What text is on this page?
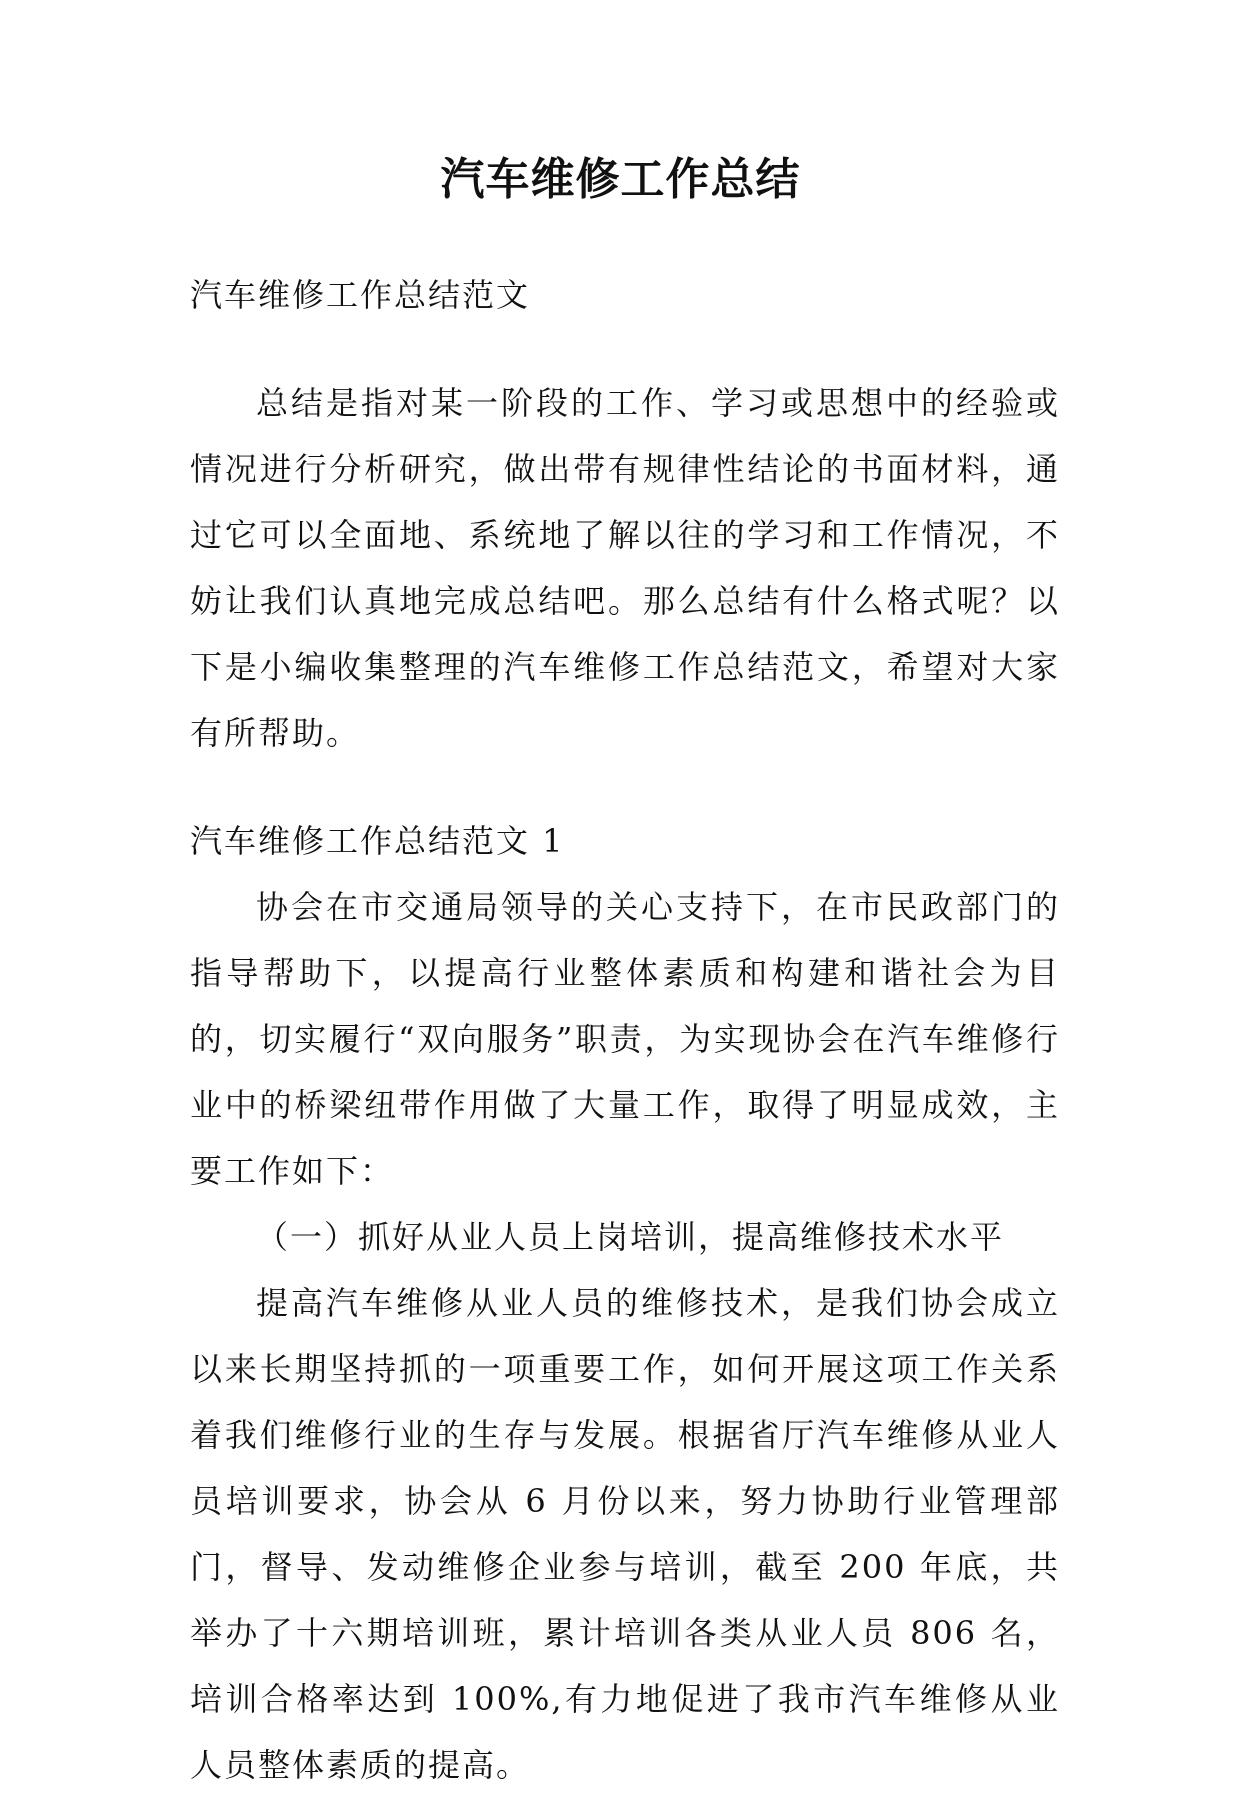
汽车维修工作总结

汽车维修工作总结范文

总结是指对某一阶段的工作、学习或思想中的经验或情况进行分析研究，做出带有规律性结论的书面材料，通过它可以全面地、系统地了解以往的学习和工作情况，不妨让我们认真地完成总结吧。那么总结有什么格式呢？以下是小编收集整理的汽车维修工作总结范文，希望对大家有所帮助。

汽车维修工作总结范文 1

协会在市交通局领导的关心支持下，在市民政部门的指导帮助下，以提高行业整体素质和构建和谐社会为目的，切实履行“双向服务”职责，为实现协会在汽车维修行业中的桥梁纽带作用做了大量工作，取得了明显成效，主要工作如下：

（一）抓好从业人员上岗培训，提高维修技术水平

提高汽车维修从业人员的维修技术，是我们协会成立以来长期坚持抓的一项重要工作，如何开展这项工作关系着我们维修行业的生存与发展。根据省厅汽车维修从业人员培训要求，协会从 6 月份以来，努力协助行业管理部门，督导、发动维修企业参与培训，截至 200 年底，共举办了十六期培训班，累计培训各类从业人员 806 名，培训合格率达到 100%,有力地促进了我市汽车维修从业人员整体素质的提高。
